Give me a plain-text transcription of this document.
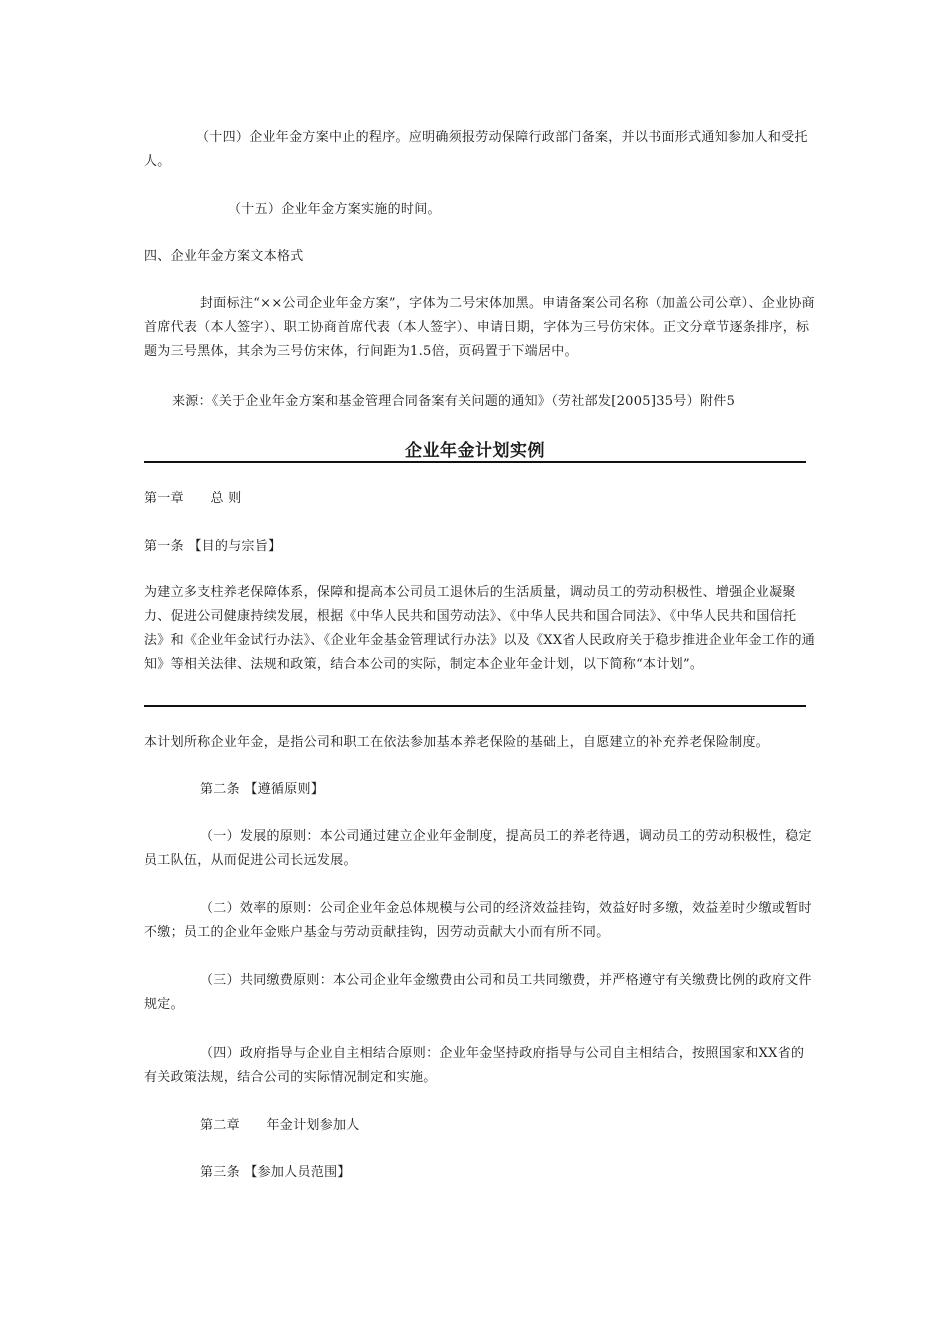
（十四）企业年金方案中止的程序。应明确须报劳动保障行政部门备案，并以书面形式通知参加人和受托人。

（十五）企业年金方案实施的时间。

四、企业年金方案文本格式

封面标注“××公司企业年金方案”，字体为二号宋体加黑。申请备案公司名称（加盖公司公章）、企业协商首席代表（本人签字）、职工协商首席代表（本人签字）、申请日期，字体为三号仿宋体。正文分章节逐条排序，标题为三号黑体，其余为三号仿宋体，行间距为1.5倍，页码置于下端居中。

来源：《关于企业年金方案和基金管理合同备案有关问题的通知》（劳社部发[2005]35号）附件5

企业年金计划实例

第一章　　总 则

第一条 【目的与宗旨】

为建立多支柱养老保障体系，保障和提高本公司员工退休后的生活质量，调动员工的劳动积极性、增强企业凝聚力、促进公司健康持续发展，根据《中华人民共和国劳动法》、《中华人民共和国合同法》、《中华人民共和国信托法》和《企业年金试行办法》、《企业年金基金管理试行办法》以及《XX省人民政府关于稳步推进企业年金工作的通知》等相关法律、法规和政策，结合本公司的实际，制定本企业年金计划，以下简称“本计划”。

本计划所称企业年金，是指公司和职工在依法参加基本养老保险的基础上，自愿建立的补充养老保险制度。

第二条 【遵循原则】

（一）发展的原则：本公司通过建立企业年金制度，提高员工的养老待遇，调动员工的劳动积极性，稳定员工队伍，从而促进公司长远发展。

（二）效率的原则：公司企业年金总体规模与公司的经济效益挂钩，效益好时多缴，效益差时少缴或暂时不缴；员工的企业年金账户基金与劳动贡献挂钩，因劳动贡献大小而有所不同。

（三）共同缴费原则：本公司企业年金缴费由公司和员工共同缴费，并严格遵守有关缴费比例的政府文件规定。

（四）政府指导与企业自主相结合原则：企业年金坚持政府指导与公司自主相结合，按照国家和XX省的有关政策法规，结合公司的实际情况制定和实施。

第二章　　年金计划参加人

第三条 【参加人员范围】
